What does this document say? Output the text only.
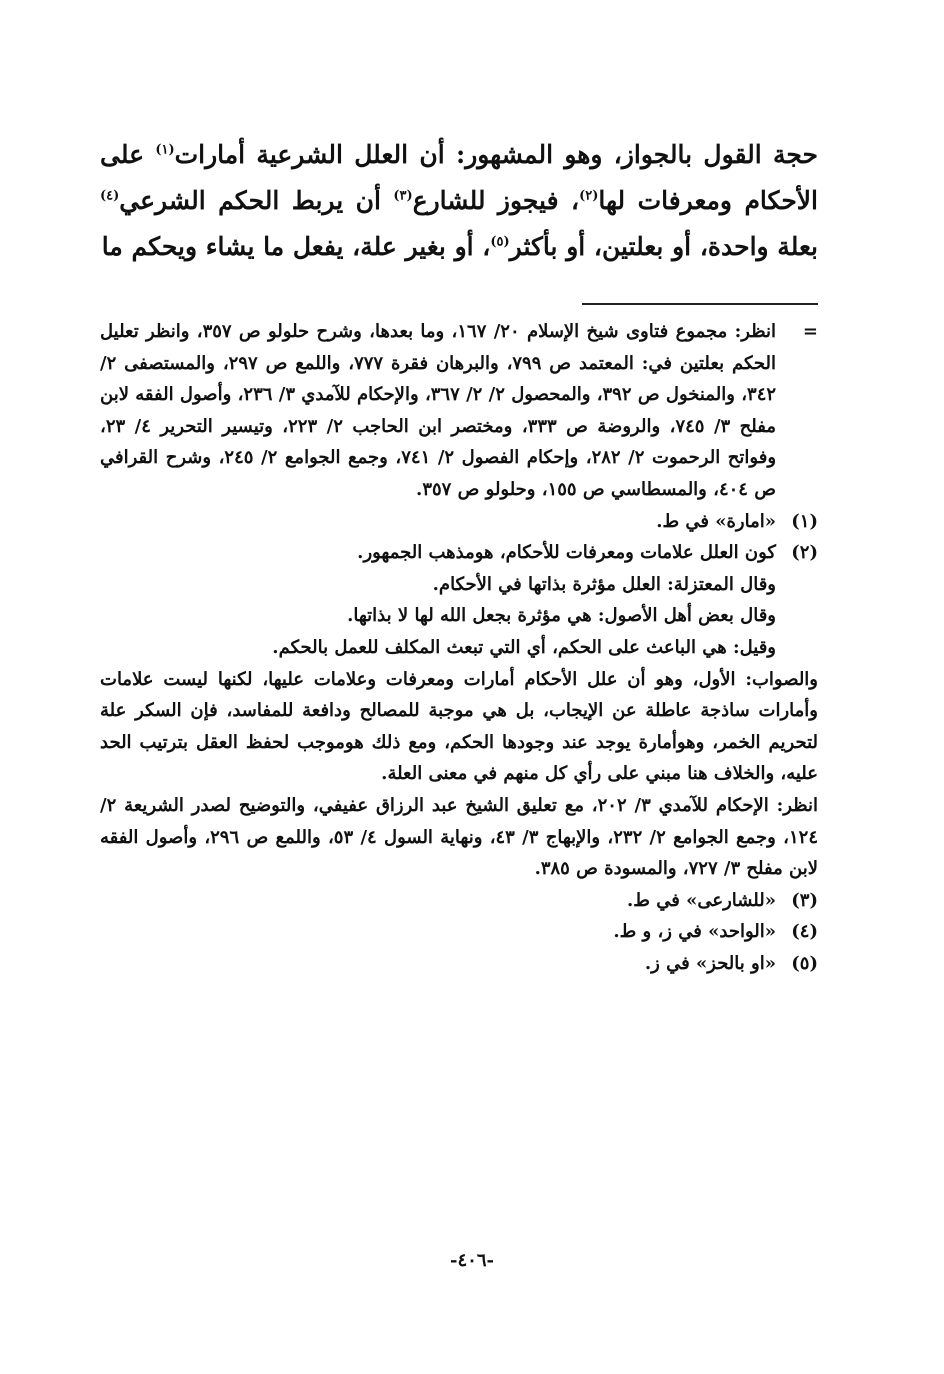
حجة القول بالجواز، وهو المشهور: أن العلل الشرعية أمارات$^{(١)}$ على الأحكام ومعرفات لها$^{(٢)}$، فيجوز للشارع$^{(٣)}$ أن يربط الحكم الشرعي$^{(٤)}$ بعلة واحدة، أو بعلتين، أو بأكثر$^{(٥)}$، أو بغير علة، يفعل ما يشاء ويحكم ما

=

انظر: مجموع فتاوى شيخ الإسلام ٢٠/ ١٦٧، وما بعدها، وشرح حلولو ص ٣٥٧، وانظر تعليل الحكم بعلتين في: المعتمد ص ٧٩٩، والبرهان فقرة ٧٧٧، واللمع ص ٢٩٧، والمستصفى ٢/ ٣٤٢، والمنخول ص ٣٩٢، والمحصول ٢/ ٢/ ٣٦٧، والإحكام للآمدي ٣/ ٢٣٦، وأصول الفقه لابن مفلح ٣/ ٧٤٥، والروضة ص ٣٣٣، ومختصر ابن الحاجب ٢/ ٢٢٣، وتيسير التحرير ٤/ ٢٣، وفواتح الرحموت ٢/ ٢٨٢، وإحكام الفصول ٢/ ٧٤١، وجمع الجوامع ٢/ ٢٤٥، وشرح القرافي ص ٤٠٤، والمسطاسي ص ١٥٥، وحلولو ص ٣٥٧.

(١)

«امارة» في ط.

(٢)

كون العلل علامات ومعرفات للأحكام، هومذهب الجمهور.

وقال المعتزلة: العلل مؤثرة بذاتها في الأحكام.

وقال بعض أهل الأصول: هي مؤثرة بجعل الله لها لا بذاتها.

وقيل: هي الباعث على الحكم، أي التي تبعث المكلف للعمل بالحكم.

والصواب: الأول، وهو أن علل الأحكام أمارات ومعرفات وعلامات عليها، لكنها ليست علامات وأمارات ساذجة عاطلة عن الإيجاب، بل هي موجبة للمصالح ودافعة للمفاسد، فإن السكر علة لتحريم الخمر، وهوأمارة يوجد عند وجودها الحكم، ومع ذلك هوموجب لحفظ العقل بترتيب الحد عليه، والخلاف هنا مبني على رأي كل منهم في معنى العلة.

انظر: الإحكام للآمدي ٣/ ٢٠٢، مع تعليق الشيخ عبد الرزاق عفيفي، والتوضيح لصدر الشريعة ٢/ ١٢٤، وجمع الجوامع ٢/ ٢٣٢، والإبهاج ٣/ ٤٣، ونهاية السول ٤/ ٥٣، واللمع ص ٢٩٦، وأصول الفقه لابن مفلح ٣/ ٧٢٧، والمسودة ص ٣٨٥.

(٣)

«للشارعى» في ط.

(٤)

«الواحد» في ز، و ط.

(٥)

«او بالحز» في ز.

-٤٠٦-
